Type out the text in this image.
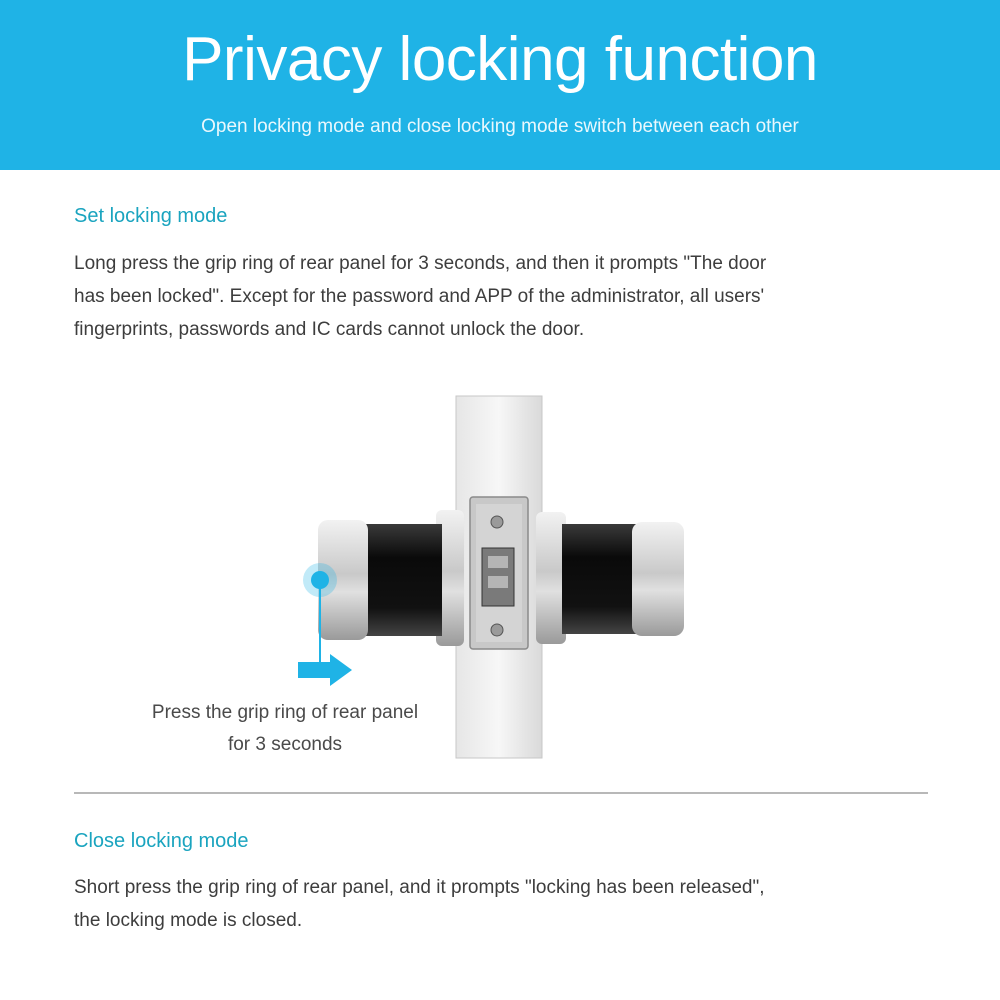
Privacy locking function
Open locking mode and close locking mode switch between each other
Set locking mode
Long press the grip ring of rear panel for 3 seconds, and then it prompts "The door
has been locked". Except for the password and APP of the administrator, all users'
fingerprints, passwords and IC cards cannot unlock the door.
Press the grip ring of rear panel
for 3 seconds
Close locking mode
Short press the grip ring of rear panel, and it prompts "locking has been released",
the locking mode is closed.
